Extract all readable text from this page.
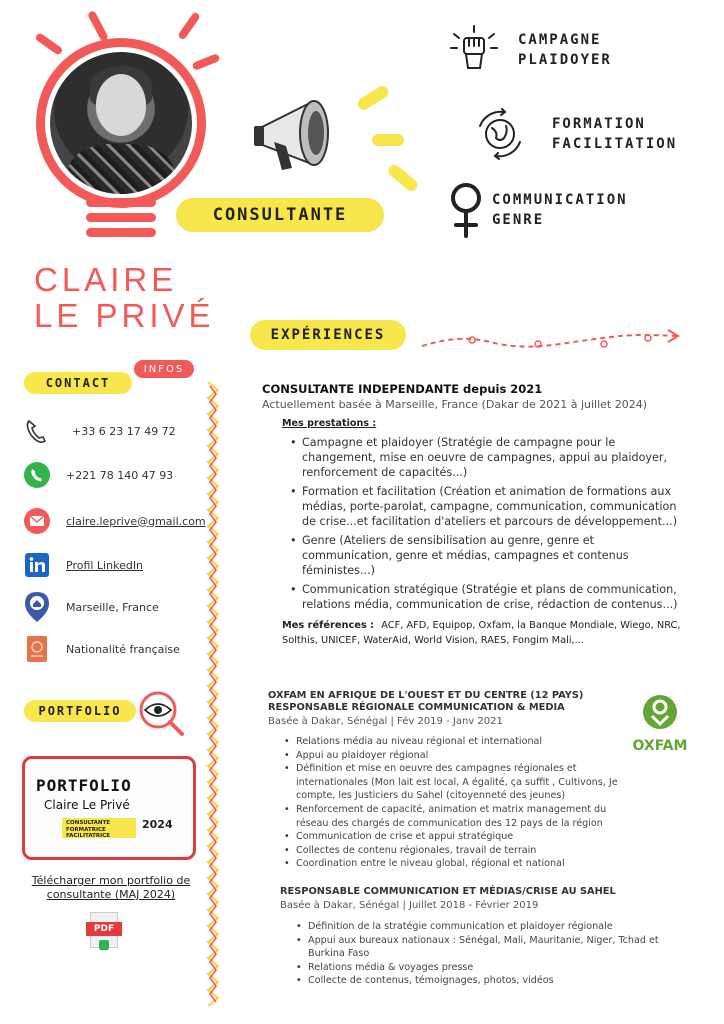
CONSULTANTE
CAMPAGNE
PLAIDOYER
FORMATION
FACILITATION
COMMUNICATION
GENRE
CLAIRE
LE PRIVÉ
EXPÉRIENCES
INFOS
CONTACT
+33 6 23 17 49 72
+221 78 140 47 93
claire.leprive@gmail.com
Profil LinkedIn
Marseille, France
Nationalité française
PORTFOLIO
PORTFOLIO
Claire Le Privé
CONSULTANTE FORMATRICE FACILITATRICE
2024
Télécharger mon portfolio de consultante (MAJ 2024)
PDF
CONSULTANTE INDEPENDANTE depuis 2021
Actuellement basée à Marseille, France (Dakar de 2021 à juillet 2024)
Mes prestations :
• Campagne et plaidoyer (Stratégie de campagne pour le changement, mise en oeuvre de campagnes, appui au plaidoyer, renforcement de capacités...)
• Formation et facilitation (Création et animation de formations aux médias, porte-parolat, campagne, communication, communication de crise...et facilitation d'ateliers et parcours de développement...)
• Genre (Ateliers de sensibilisation au genre, genre et communication, genre et médias, campagnes et contenus féministes...)
• Communication stratégique (Stratégie et plans de communication, relations média, communication de crise, rédaction de contenus...)
Mes références : ACF, AFD, Equipop, Oxfam, la Banque Mondiale, Wiego, NRC, Solthis, UNICEF, WaterAid, World Vision, RAES, Fongim Mali,...
OXFAM EN AFRIQUE DE L'OUEST ET DU CENTRE (12 PAYS)
RESPONSABLE RÉGIONALE COMMUNICATION & MEDIA
Basée à Dakar, Sénégal | Fév 2019 - Janv 2021
• Relations média au niveau régional et international
• Appui au plaidoyer régional
• Définition et mise en oeuvre des campagnes régionales et internationales (Mon lait est local, A égalité, ça suffit , Cultivons, Je compte, les Justiciers du Sahel (citoyenneté des jeunes)
• Renforcement de capacité, animation et matrix management du réseau des chargés de communication des 12 pays de la région
• Communication de crise et appui stratégique
• Collectes de contenu régionales, travail de terrain
• Coordination entre le niveau global, régional et national
OXFAM
RESPONSABLE COMMUNICATION ET MÉDIAS/CRISE AU SAHEL
Basée à Dakar, Sénégal | Juillet 2018 - Février 2019
• Définition de la stratégie communication et plaidoyer régionale
• Appui aux bureaux nationaux : Sénégal, Mali, Mauritanie, Niger, Tchad et Burkina Faso
• Relations média & voyages presse
• Collecte de contenus, témoignages, photos, vidéos
